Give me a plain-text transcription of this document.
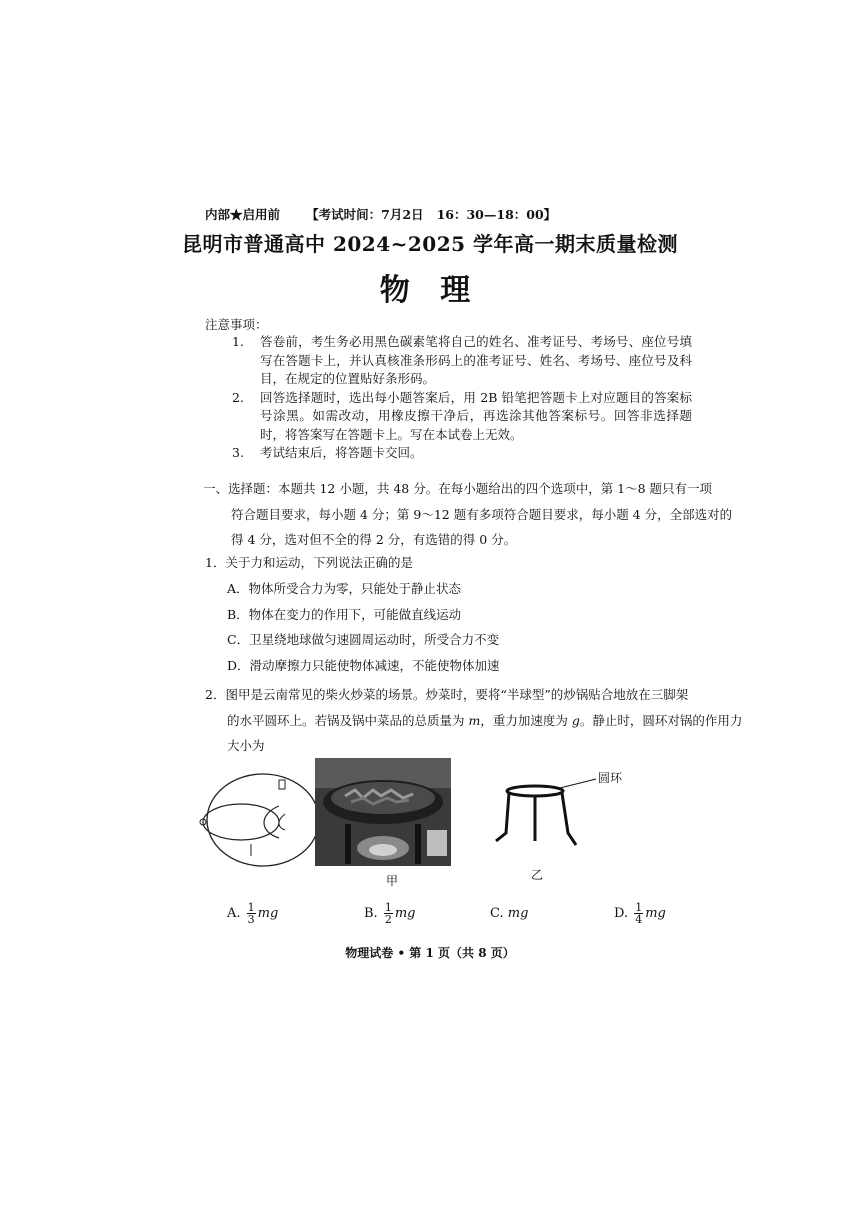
内部★启用前 【考试时间：7月2日   16：30—18：00】
昆明市普通高中 2024~2025 学年高一期末质量检测
物 理
注意事项：
1.	答卷前，考生务必用黑色碳素笔将自己的姓名、准考证号、考场号、座位号填写在答题卡上，并认真核准条形码上的准考证号、姓名、考场号、座位号及科目，在规定的位置贴好条形码。
2.	回答选择题时，选出每小题答案后，用 2B 铅笔把答题卡上对应题目的答案标号涂黑。如需改动，用橡皮擦干净后，再选涂其他答案标号。回答非选择题时，将答案写在答题卡上。写在本试卷上无效。
3.	考试结束后，将答题卡交回。
一、选择题：本题共 12 小题，共 48 分。在每小题给出的四个选项中，第 1～8 题只有一项
符合题目要求，每小题 4 分；第 9～12 题有多项符合题目要求，每小题 4 分，全部选对的得 4 分，选对但不全的得 2 分，有选错的得 0 分。
1．关于力和运动，下列说法正确的是
A．物体所受合力为零，只能处于静止状态
B．物体在变力的作用下，可能做直线运动
C．卫星绕地球做匀速圆周运动时，所受合力不变
D．滑动摩擦力只能使物体减速，不能使物体加速
2．图甲是云南常见的柴火炒菜的场景。炒菜时，要将“半球型”的炒锅贴合地放在三脚架
的水平圆环上。若锅及锅中菜品的总质量为 m，重力加速度为 g。静止时，圆环对锅的作用力大小为
甲
圆环
乙
A. $\frac{1}{3}$ mg	B. $\frac{1}{2}$ mg	C. mg	D. $\frac{1}{4}$ mg
物理试卷 • 第 1 页（共 8 页）
